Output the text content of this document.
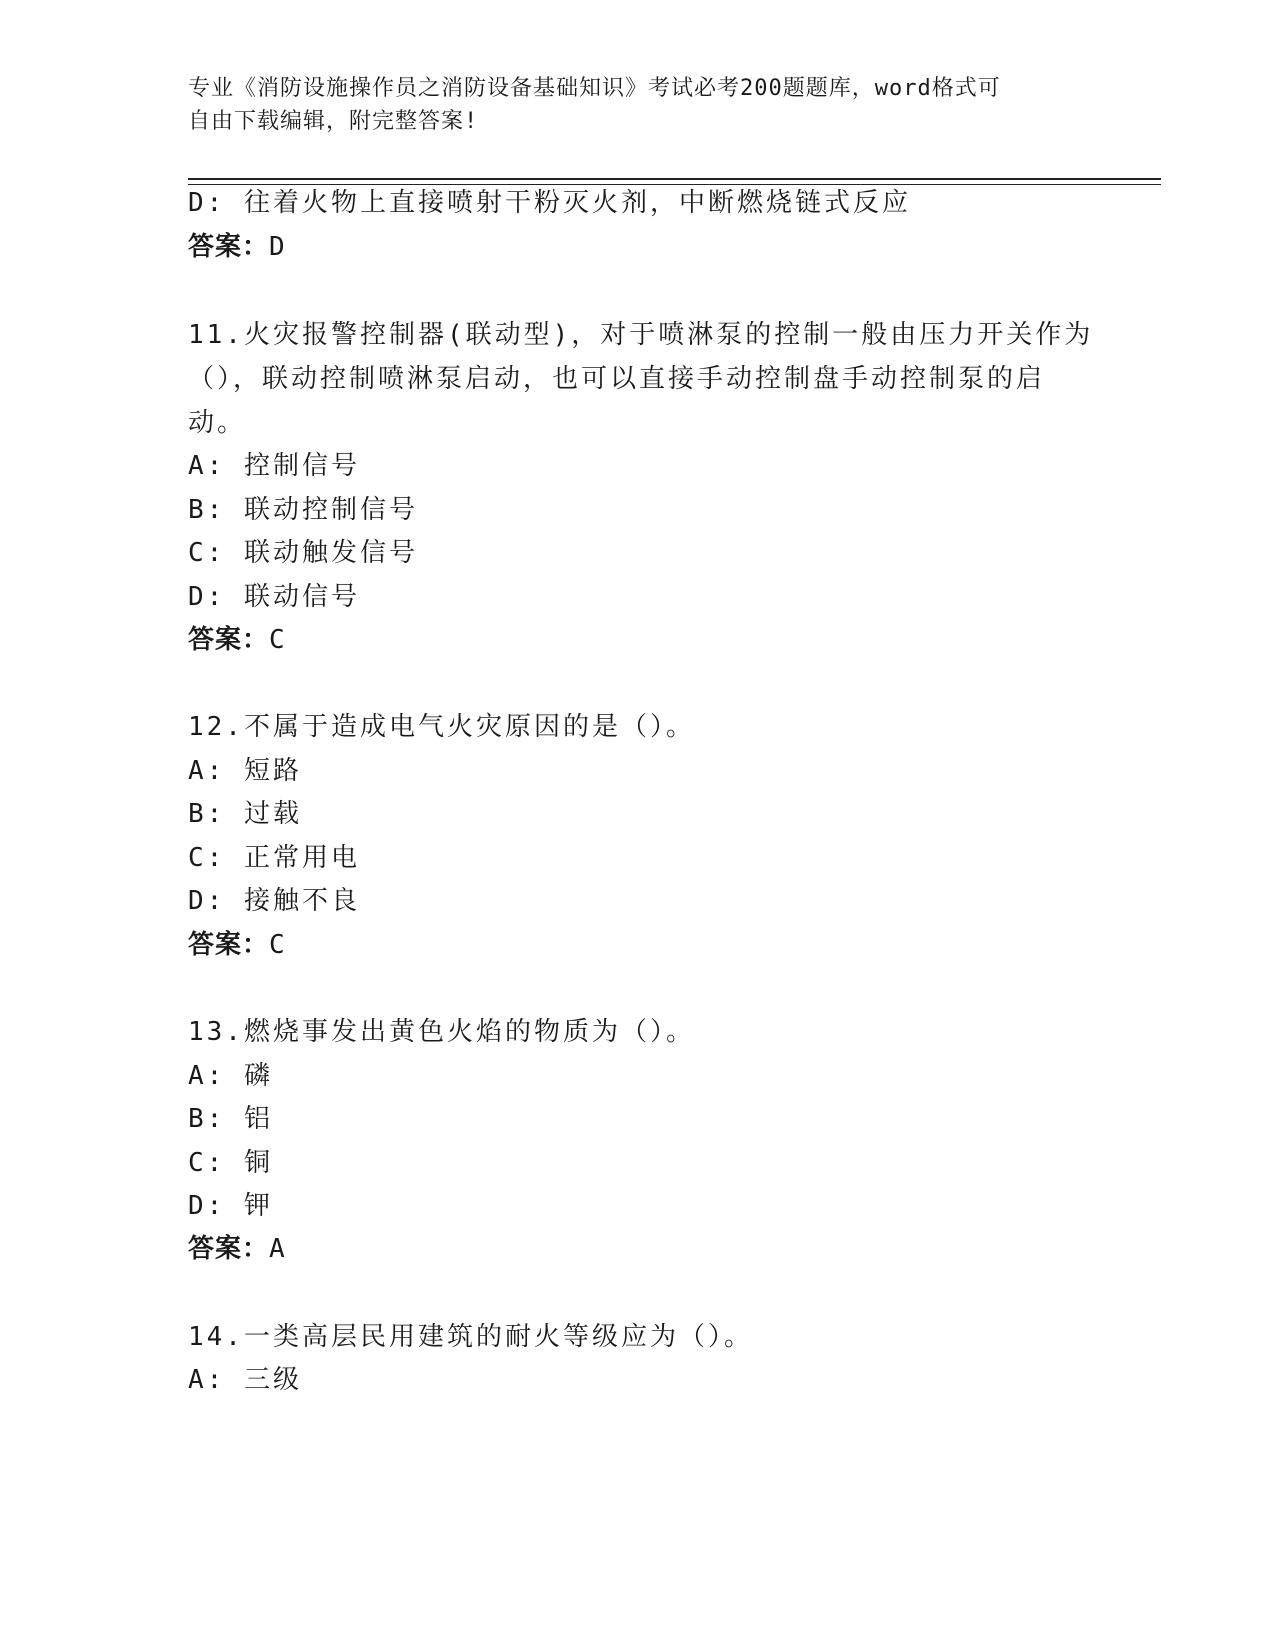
专业《消防设施操作员之消防设备基础知识》考试必考200题题库，word格式可
自由下载编辑，附完整答案!
D: 往着火物上直接喷射干粉灭火剂，中断燃烧链式反应
答案：D
11.火灾报警控制器(联动型)，对于喷淋泵的控制一般由压力开关作为
（），联动控制喷淋泵启动，也可以直接手动控制盘手动控制泵的启
动。
A: 控制信号
B: 联动控制信号
C: 联动触发信号
D: 联动信号
答案：C
12.不属于造成电气火灾原因的是（）。
A: 短路
B: 过载
C: 正常用电
D: 接触不良
答案：C
13.燃烧事发出黄色火焰的物质为（）。
A: 磷
B: 铝
C: 铜
D: 钾
答案：A
14.一类高层民用建筑的耐火等级应为（）。
A: 三级
